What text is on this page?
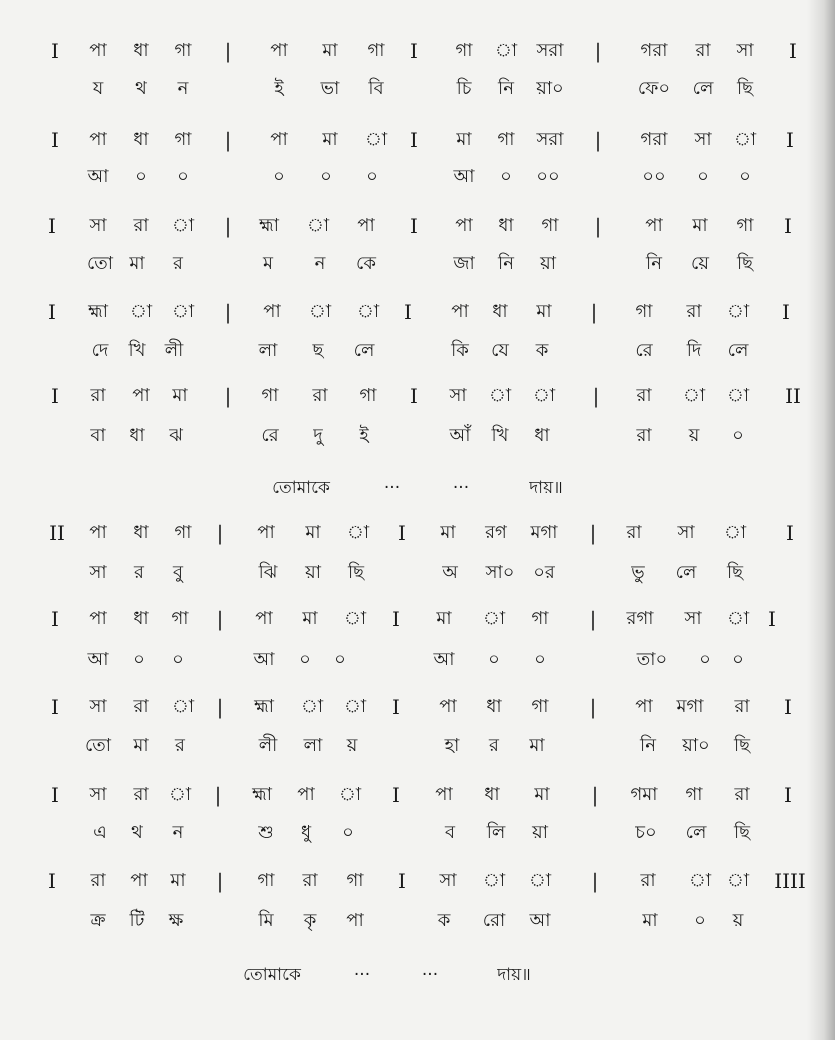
I পা ধা গা | পা মা গা I গা া সরা | গরা রা সা I
য থ ন	ই ভা বি	চি নি য়া০	ফে০ লে ছি
I পা ধা গা | পা মা া I মা গা সরা | গরা সা া I
আ ০ ০	০ ০ ০	আ ০ ০০	০০ ০ ০
I সা রা া | হ্মা া পা I পা ধা গা | পা মা গা I
তো মা র	ম ন কে	জা নি য়া	নি য়ে ছি
I হ্মা া া | পা া া I পা ধা মা | গা রা া I
দে খি লী	লা ছ লে	কি যে ক	রে দি লে
I রা পা মা | গা রা গা I সা া া | রা া া II
বা ধা ঝ	রে দু ই	আঁ খি ধা	রা য় ০
তোমাকে	···	···	দায়॥
II পা ধা গা | পা মা া I মা রগ মগা | রা সা া I
সা র বু	ঝি য়া ছি	অ সা০ ০র	ভু লে ছি
I পা ধা গা | পা মা া I মা া গা | রগা সা া I
আ ০ ০	আ ০ ০	আ ০ ০	তা০ ০ ০
I সা রা া | হ্মা া া I পা ধা গা | পা মগা রা I
তো মা র	লী লা য়	হা র মা	নি য়া০ ছি
I সা রা া | হ্মা পা া I পা ধা মা | গমা গা রা I
এ থ ন	শু ধু ০	ব লি য়া	চ০ লে ছি
I রা পা মা | গা রা গা I সা া া | রা া া IIII
ক্র টি ক্ষ	মি কৃ পা	ক রো আ	মা ০ য়
তোমাকে	···	···	দায়॥
